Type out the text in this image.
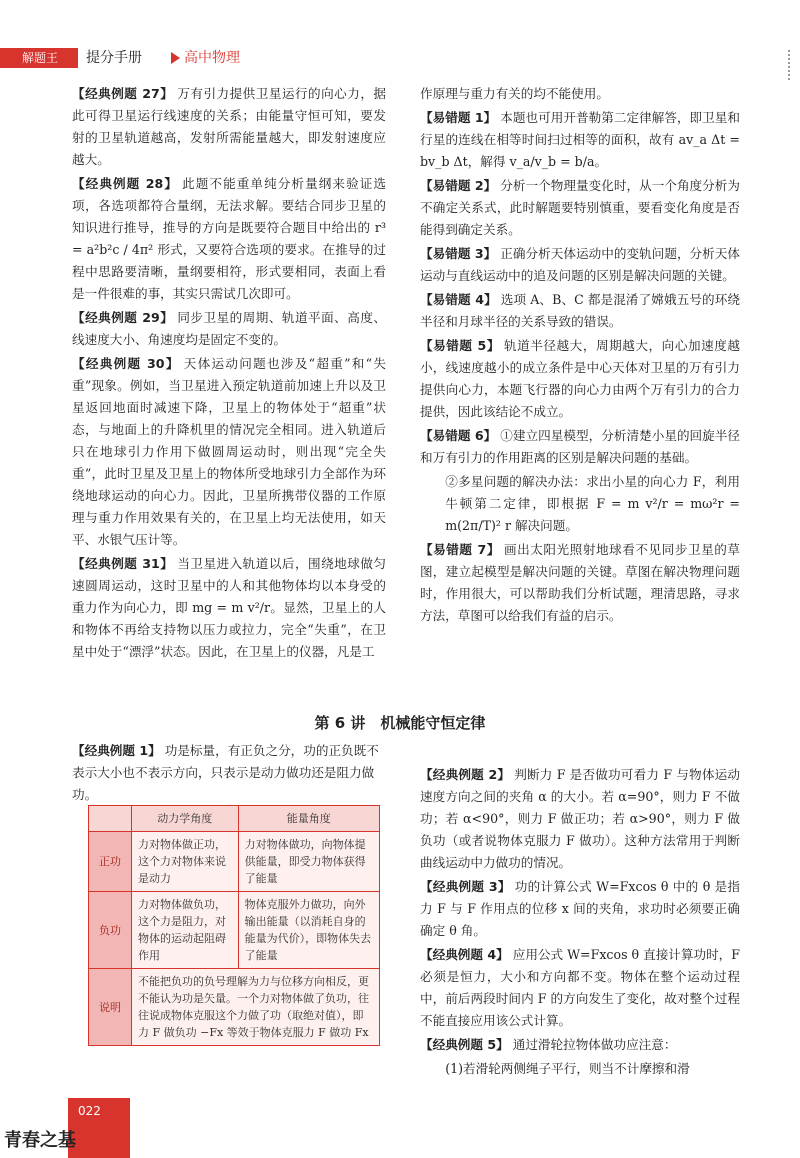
解题王	提分手册	高中物理

【经典例题 27】 万有引力提供卫星运行的向心力，据此可得卫星运行线速度的关系；由能量守恒可知，要发射的卫星轨道越高，发射所需能量越大，即发射速度应越大。

【经典例题 28】 此题不能重单纯分析量纲来验证选项，各选项都符合量纲，无法求解。要结合同步卫星的知识进行推导，推导的方向是既要符合题目中给出的 r³ = a²b²c / 4π² 形式，又要符合选项的要求。在推导的过程中思路要清晰，量纲要相符，形式要相同，表面上看是一件很难的事，其实只需试几次即可。

【经典例题 29】 同步卫星的周期、轨道平面、高度、线速度大小、角速度均是固定不变的。

【经典例题 30】 天体运动问题也涉及“超重”和“失重”现象。例如，当卫星进入预定轨道前加速上升以及卫星返回地面时减速下降，卫星上的物体处于“超重”状态，与地面上的升降机里的情况完全相同。进入轨道后只在地球引力作用下做圆周运动时，则出现“完全失重”，此时卫星及卫星上的物体所受地球引力全部作为环绕地球运动的向心力。因此，卫星所携带仪器的工作原理与重力作用效果有关的，在卫星上均无法使用，如天平、水银气压计等。

【经典例题 31】 当卫星进入轨道以后，围绕地球做匀速圆周运动，这时卫星中的人和其他物体均以本身受的重力作为向心力，即 mg = m v²/r。显然，卫星上的人和物体不再给支持物以压力或拉力，完全“失重”，在卫星中处于“漂浮”状态。因此，在卫星上的仪器，凡是工

作原理与重力有关的均不能使用。

【易错题 1】 本题也可用开普勒第二定律解答，即卫星和行星的连线在相等时间扫过相等的面积，故有 av_a Δt = bv_b Δt，解得 v_a/v_b = b/a。

【易错题 2】 分析一个物理量变化时，从一个角度分析为不确定关系式，此时解题要特别慎重，要看变化角度是否能得到确定关系。

【易错题 3】 正确分析天体运动中的变轨问题，分析天体运动与直线运动中的追及问题的区别是解决问题的关键。

【易错题 4】 选项 A、B、C 都是混淆了嫦娥五号的环绕半径和月球半径的关系导致的错误。

【易错题 5】 轨道半径越大，周期越大，向心加速度越小，线速度越小的成立条件是中心天体对卫星的万有引力提供向心力，本题飞行器的向心力由两个万有引力的合力提供，因此该结论不成立。

【易错题 6】 ①建立四星模型，分析清楚小星的回旋半径和万有引力的作用距离的区别是解决问题的基础。

②多星问题的解决办法：求出小星的向心力 F，利用牛顿第二定律，即根据 F = m v²/r = mω²r = m(2π/T)² r 解决问题。

【易错题 7】 画出太阳光照射地球看不见同步卫星的草图，建立起模型是解决问题的关键。草图在解决物理问题时，作用很大，可以帮助我们分析试题，理清思路，寻求方法，草图可以给我们有益的启示。

第 6 讲　机械能守恒定律
【经典例题 1】 功是标量，有正负之分，功的正负既不表示大小也不表示方向，只表示是动力做功还是阻力做功。
	动力学角度	能量角度
正功	力对物体做正功，这个力对物体来说是动力	力对物体做功，向物体提供能量，即受力物体获得了能量
负功	力对物体做负功，这个力是阻力，对物体的运动起阻碍作用	物体克服外力做功，向外输出能量（以消耗自身的能量为代价），即物体失去了能量
说明	不能把负功的负号理解为力与位移方向相反，更不能认为功是矢量。一个力对物体做了负功，往往说成物体克服这个力做了功（取绝对值），即力 F 做负功 −Fx 等效于物体克服力 F 做功 Fx	

【经典例题 2】 判断力 F 是否做功可看力 F 与物体运动速度方向之间的夹角 α 的大小。若 α=90°，则力 F 不做功；若 α<90°，则力 F 做正功；若 α>90°，则力 F 做负功（或者说物体克服力 F 做功）。这种方法常用于判断曲线运动中力做功的情况。

【经典例题 3】 功的计算公式 W=Fxcos θ 中的 θ 是指力 F 与 F 作用点的位移 x 间的夹角，求功时必须要正确确定 θ 角。

【经典例题 4】 应用公式 W=Fxcos θ 直接计算功时，F 必须是恒力，大小和方向都不变。物体在整个运动过程中，前后两段时间内 F 的方向发生了变化，故对整个过程不能直接应用该公式计算。

【经典例题 5】 通过滑轮拉物体做功应注意：

(1)若滑轮两侧绳子平行，则当不计摩擦和滑

022
青春之基
